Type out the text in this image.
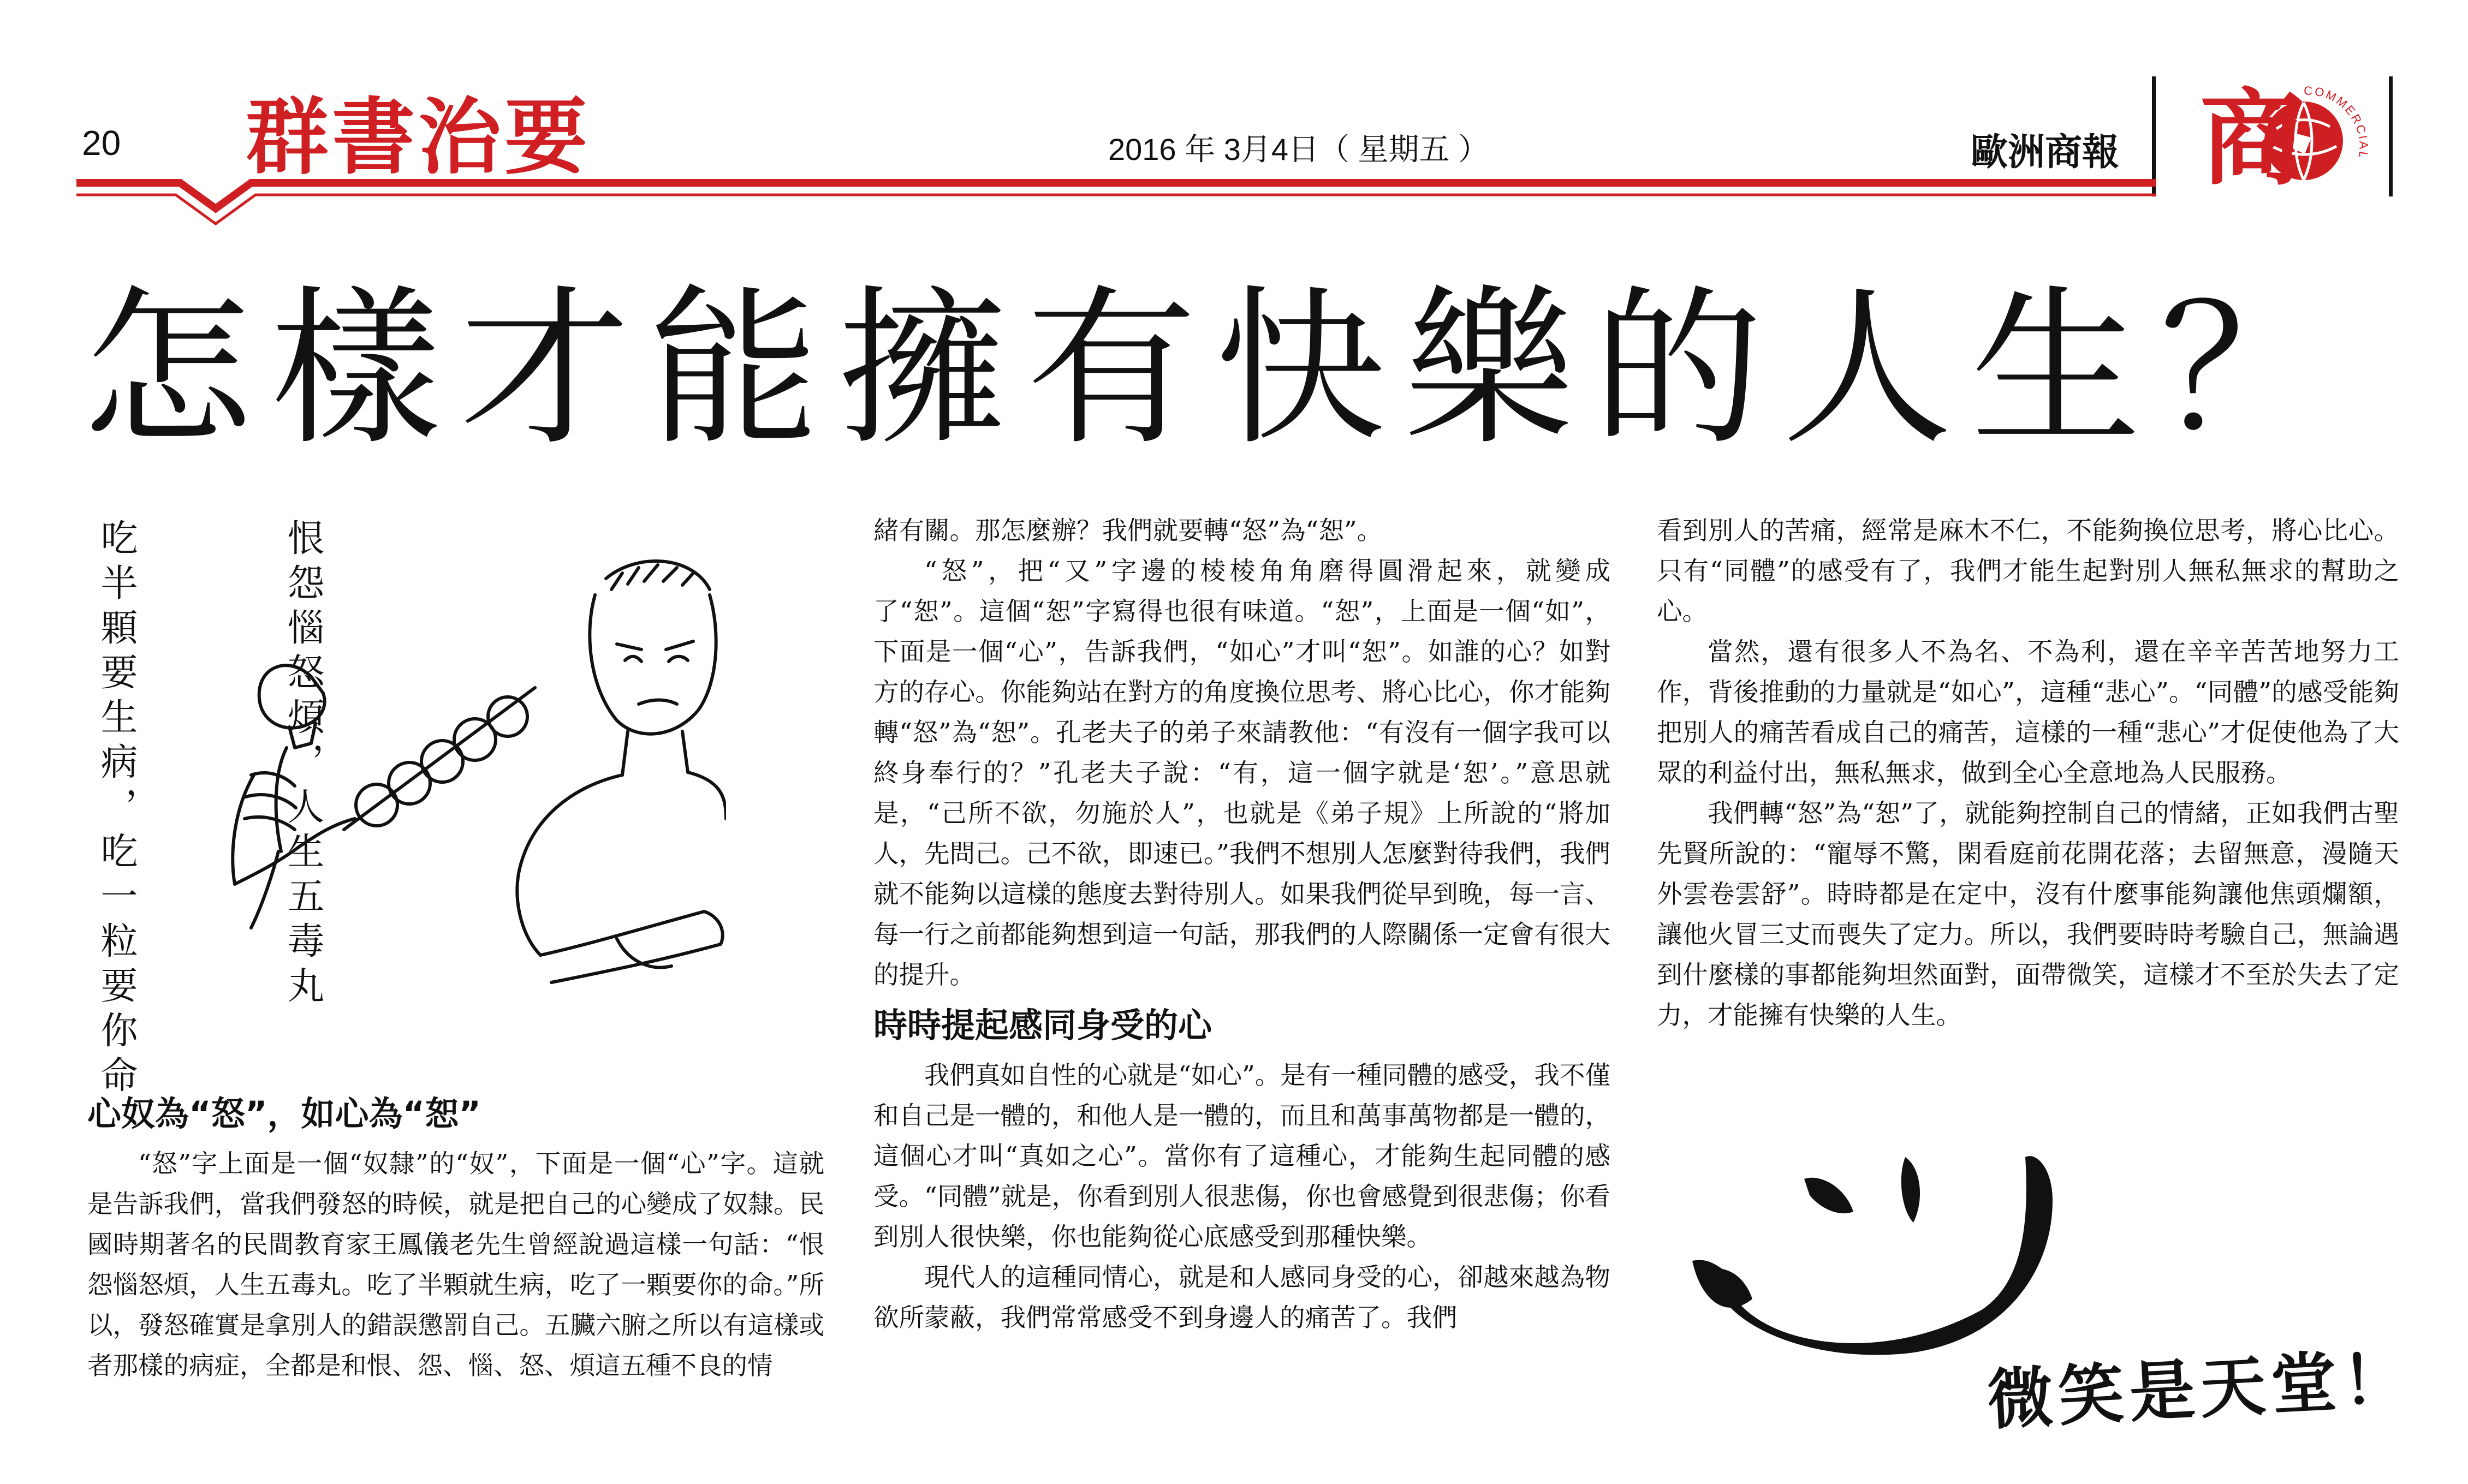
20 群書治要	2016 年 3月4日（ 星期五 ）	歐洲商報 商 COMMERCIAL
怎樣才能擁有快樂的人生？
恨怨惱怒煩，人生五毒丸
吃半顆要生病，吃一粒要你命
心奴為“怒”，如心為“恕”

“怒”字上面是一個“奴隸”的“奴”，下面是一個“心”字。這就是告訴我們，當我們發怒的時候，就是把自己的心變成了奴隸。民國時期著名的民間教育家王鳳儀老先生曾經說過這樣一句話：“恨怨惱怒煩，人生五毒丸。吃了半顆就生病，吃了一顆要你的命。”所以，發怒確實是拿別人的錯誤懲罰自己。五臟六腑之所以有這樣或者那樣的病症，全都是和恨、怨、惱、怒、煩這五種不良的情

緒有關。那怎麼辦？我們就要轉“怒”為“恕”。

“怒”，把“又”字邊的棱棱角角磨得圓滑起來，就變成了“恕”。這個“恕”字寫得也很有味道。“恕”，上面是一個“如”，下面是一個“心”，告訴我們，“如心”才叫“恕”。如誰的心？如對方的存心。你能夠站在對方的角度換位思考、將心比心，你才能夠轉“怒”為“恕”。孔老夫子的弟子來請教他：“有沒有一個字我可以終身奉行的？”孔老夫子說：“有，這一個字就是‘恕’。”意思就是，“己所不欲，勿施於人”，也就是《弟子規》上所說的“將加人，先問己。己不欲，即速已。”我們不想別人怎麼對待我們，我們就不能夠以這樣的態度去對待別人。如果我們從早到晚，每一言、每一行之前都能夠想到這一句話，那我們的人際關係一定會有很大的提升。

時時提起感同身受的心

我們真如自性的心就是“如心”。是有一種同體的感受，我不僅和自己是一體的，和他人是一體的，而且和萬事萬物都是一體的，這個心才叫“真如之心”。當你有了這種心，才能夠生起同體的感受。“同體”就是，你看到別人很悲傷，你也會感覺到很悲傷；你看到別人很快樂，你也能夠從心底感受到那種快樂。

現代人的這種同情心，就是和人感同身受的心，卻越來越為物欲所蒙蔽，我們常常感受不到身邊人的痛苦了。我們

看到別人的苦痛，經常是麻木不仁，不能夠換位思考，將心比心。只有“同體”的感受有了，我們才能生起對別人無私無求的幫助之心。

當然，還有很多人不為名、不為利，還在辛辛苦苦地努力工作，背後推動的力量就是“如心”，這種“悲心”。“同體”的感受能夠把別人的痛苦看成自己的痛苦，這樣的一種“悲心”才促使他為了大眾的利益付出，無私無求，做到全心全意地為人民服務。

我們轉“怒”為“恕”了，就能夠控制自己的情緒，正如我們古聖先賢所說的：“寵辱不驚，閑看庭前花開花落；去留無意，漫隨天外雲卷雲舒”。時時都是在定中，沒有什麼事能夠讓他焦頭爛額，讓他火冒三丈而喪失了定力。所以，我們要時時考驗自己，無論遇到什麼樣的事都能夠坦然面對，面帶微笑，這樣才不至於失去了定力，才能擁有快樂的人生。

微笑是天堂！
